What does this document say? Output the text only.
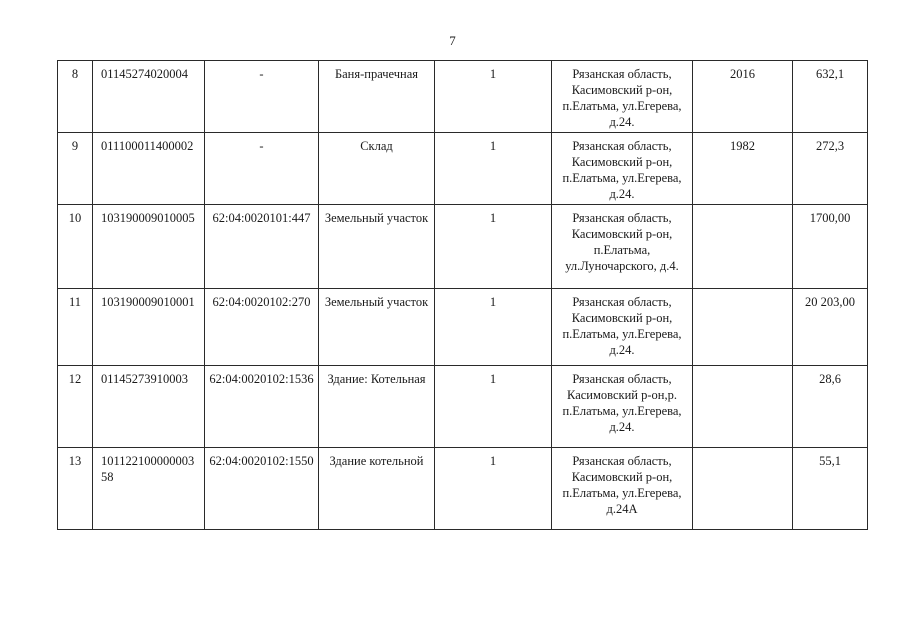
7
8	01145274020004	-	Баня-прачечная	1	Рязанская область, Касимовский р-он, п.Елатьма, ул.Егерева, д.24.	2016	632,1
9	011100011400002	-	Склад	1	Рязанская область, Касимовский р-он, п.Елатьма, ул.Егерева, д.24.	1982	272,3
10	103190009010005	62:04:0020101:447	Земельный участок	1	Рязанская область, Касимовский р-он, п.Елатьма, ул.Луночарского, д.4.		1700,00
11	103190009010001	62:04:0020102:270	Земельный участок	1	Рязанская область, Касимовский р-он, п.Елатьма, ул.Егерева, д.24.		20 203,00
12	01145273910003	62:04:0020102:1536	Здание: Котельная	1	Рязанская область, Касимовский р-он,р. п.Елатьма, ул.Егерева, д.24.		28,6
13	10112210000000358	62:04:0020102:1550	Здание котельной	1	Рязанская область, Касимовский р-он, п.Елатьма, ул.Егерева, д.24А		55,1
